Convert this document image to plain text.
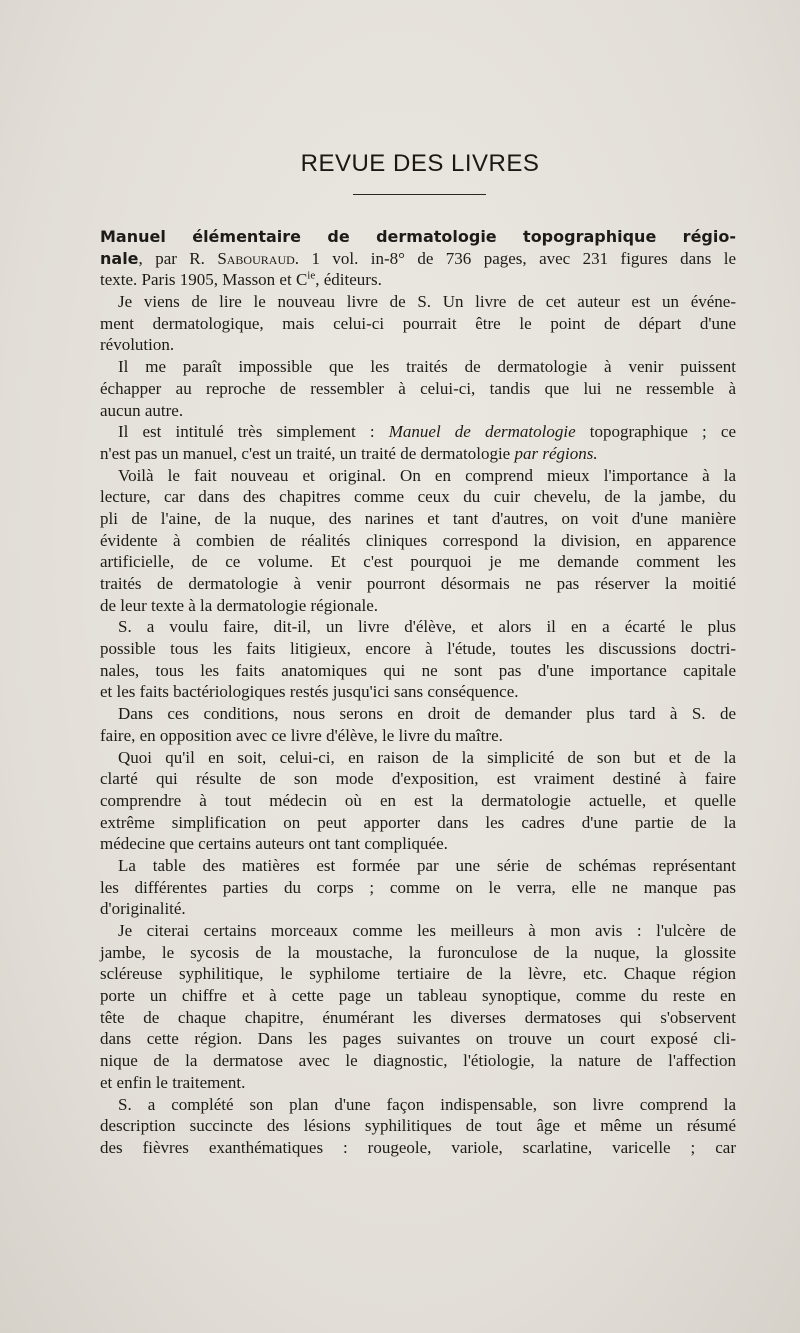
REVUE DES LIVRES
Manuel élémentaire de dermatologie topographique régio-
nale, par R. Sabouraud. 1 vol. in-8° de 736 pages, avec 231 figures dans le
texte. Paris 1905, Masson et $C^{ie}$, éditeurs.
Je viens de lire le nouveau livre de S. Un livre de cet auteur est un événe-
ment dermatologique, mais celui-ci pourrait être le point de départ d'une
révolution.
Il me paraît impossible que les traités de dermatologie à venir puissent
échapper au reproche de ressembler à celui-ci, tandis que lui ne ressemble à
aucun autre.
Il est intitulé très simplement : Manuel de dermatologie topographique ; ce
n'est pas un manuel, c'est un traité, un traité de dermatologie par régions.
Voilà le fait nouveau et original. On en comprend mieux l'importance à la
lecture, car dans des chapitres comme ceux du cuir chevelu, de la jambe, du
pli de l'aine, de la nuque, des narines et tant d'autres, on voit d'une manière
évidente à combien de réalités cliniques correspond la division, en apparence
artificielle, de ce volume. Et c'est pourquoi je me demande comment les
traités de dermatologie à venir pourront désormais ne pas réserver la moitié
de leur texte à la dermatologie régionale.
S. a voulu faire, dit-il, un livre d'élève, et alors il en a écarté le plus
possible tous les faits litigieux, encore à l'étude, toutes les discussions doctri-
nales, tous les faits anatomiques qui ne sont pas d'une importance capitale
et les faits bactériologiques restés jusqu'ici sans conséquence.
Dans ces conditions, nous serons en droit de demander plus tard à S. de
faire, en opposition avec ce livre d'élève, le livre du maître.
Quoi qu'il en soit, celui-ci, en raison de la simplicité de son but et de la
clarté qui résulte de son mode d'exposition, est vraiment destiné à faire
comprendre à tout médecin où en est la dermatologie actuelle, et quelle
extrême simplification on peut apporter dans les cadres d'une partie de la
médecine que certains auteurs ont tant compliquée.
La table des matières est formée par une série de schémas représentant
les différentes parties du corps ; comme on le verra, elle ne manque pas
d'originalité.
Je citerai certains morceaux comme les meilleurs à mon avis : l'ulcère de
jambe, le sycosis de la moustache, la furonculose de la nuque, la glossite
scléreuse syphilitique, le syphilome tertiaire de la lèvre, etc. Chaque région
porte un chiffre et à cette page un tableau synoptique, comme du reste en
tête de chaque chapitre, énumérant les diverses dermatoses qui s'observent
dans cette région. Dans les pages suivantes on trouve un court exposé cli-
nique de la dermatose avec le diagnostic, l'étiologie, la nature de l'affection
et enfin le traitement.
S. a complété son plan d'une façon indispensable, son livre comprend la
description succincte des lésions syphilitiques de tout âge et même un résumé
des fièvres exanthématiques : rougeole, variole, scarlatine, varicelle ; car
